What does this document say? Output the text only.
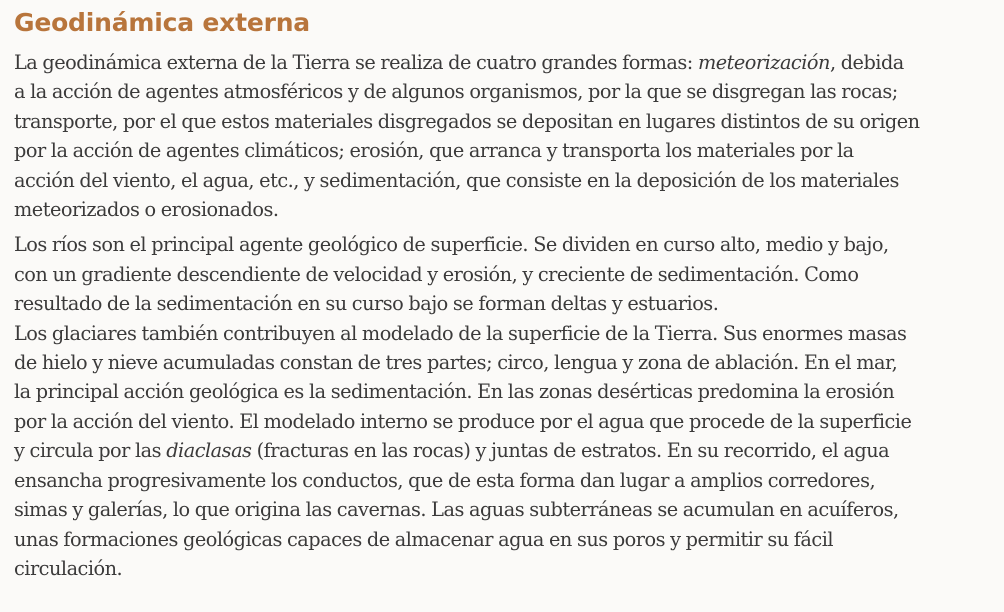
Geodinámica externa

La geodinámica externa de la Tierra se realiza de cuatro grandes formas: meteorización, debida
a la acción de agentes atmosféricos y de algunos organismos, por la que se disgregan las rocas;
transporte, por el que estos materiales disgregados se depositan en lugares distintos de su origen
por la acción de agentes climáticos; erosión, que arranca y transporta los materiales por la
acción del viento, el agua, etc., y sedimentación, que consiste en la deposición de los materiales
meteorizados o erosionados.

Los ríos son el principal agente geológico de superficie. Se dividen en curso alto, medio y bajo,
con un gradiente descendiente de velocidad y erosión, y creciente de sedimentación. Como
resultado de la sedimentación en su curso bajo se forman deltas y estuarios.

Los glaciares también contribuyen al modelado de la superficie de la Tierra. Sus enormes masas
de hielo y nieve acumuladas constan de tres partes; circo, lengua y zona de ablación. En el mar,
la principal acción geológica es la sedimentación. En las zonas desérticas predomina la erosión
por la acción del viento. El modelado interno se produce por el agua que procede de la superficie
y circula por las diaclasas (fracturas en las rocas) y juntas de estratos. En su recorrido, el agua
ensancha progresivamente los conductos, que de esta forma dan lugar a amplios corredores,
simas y galerías, lo que origina las cavernas. Las aguas subterráneas se acumulan en acuíferos,
unas formaciones geológicas capaces de almacenar agua en sus poros y permitir su fácil
circulación.
